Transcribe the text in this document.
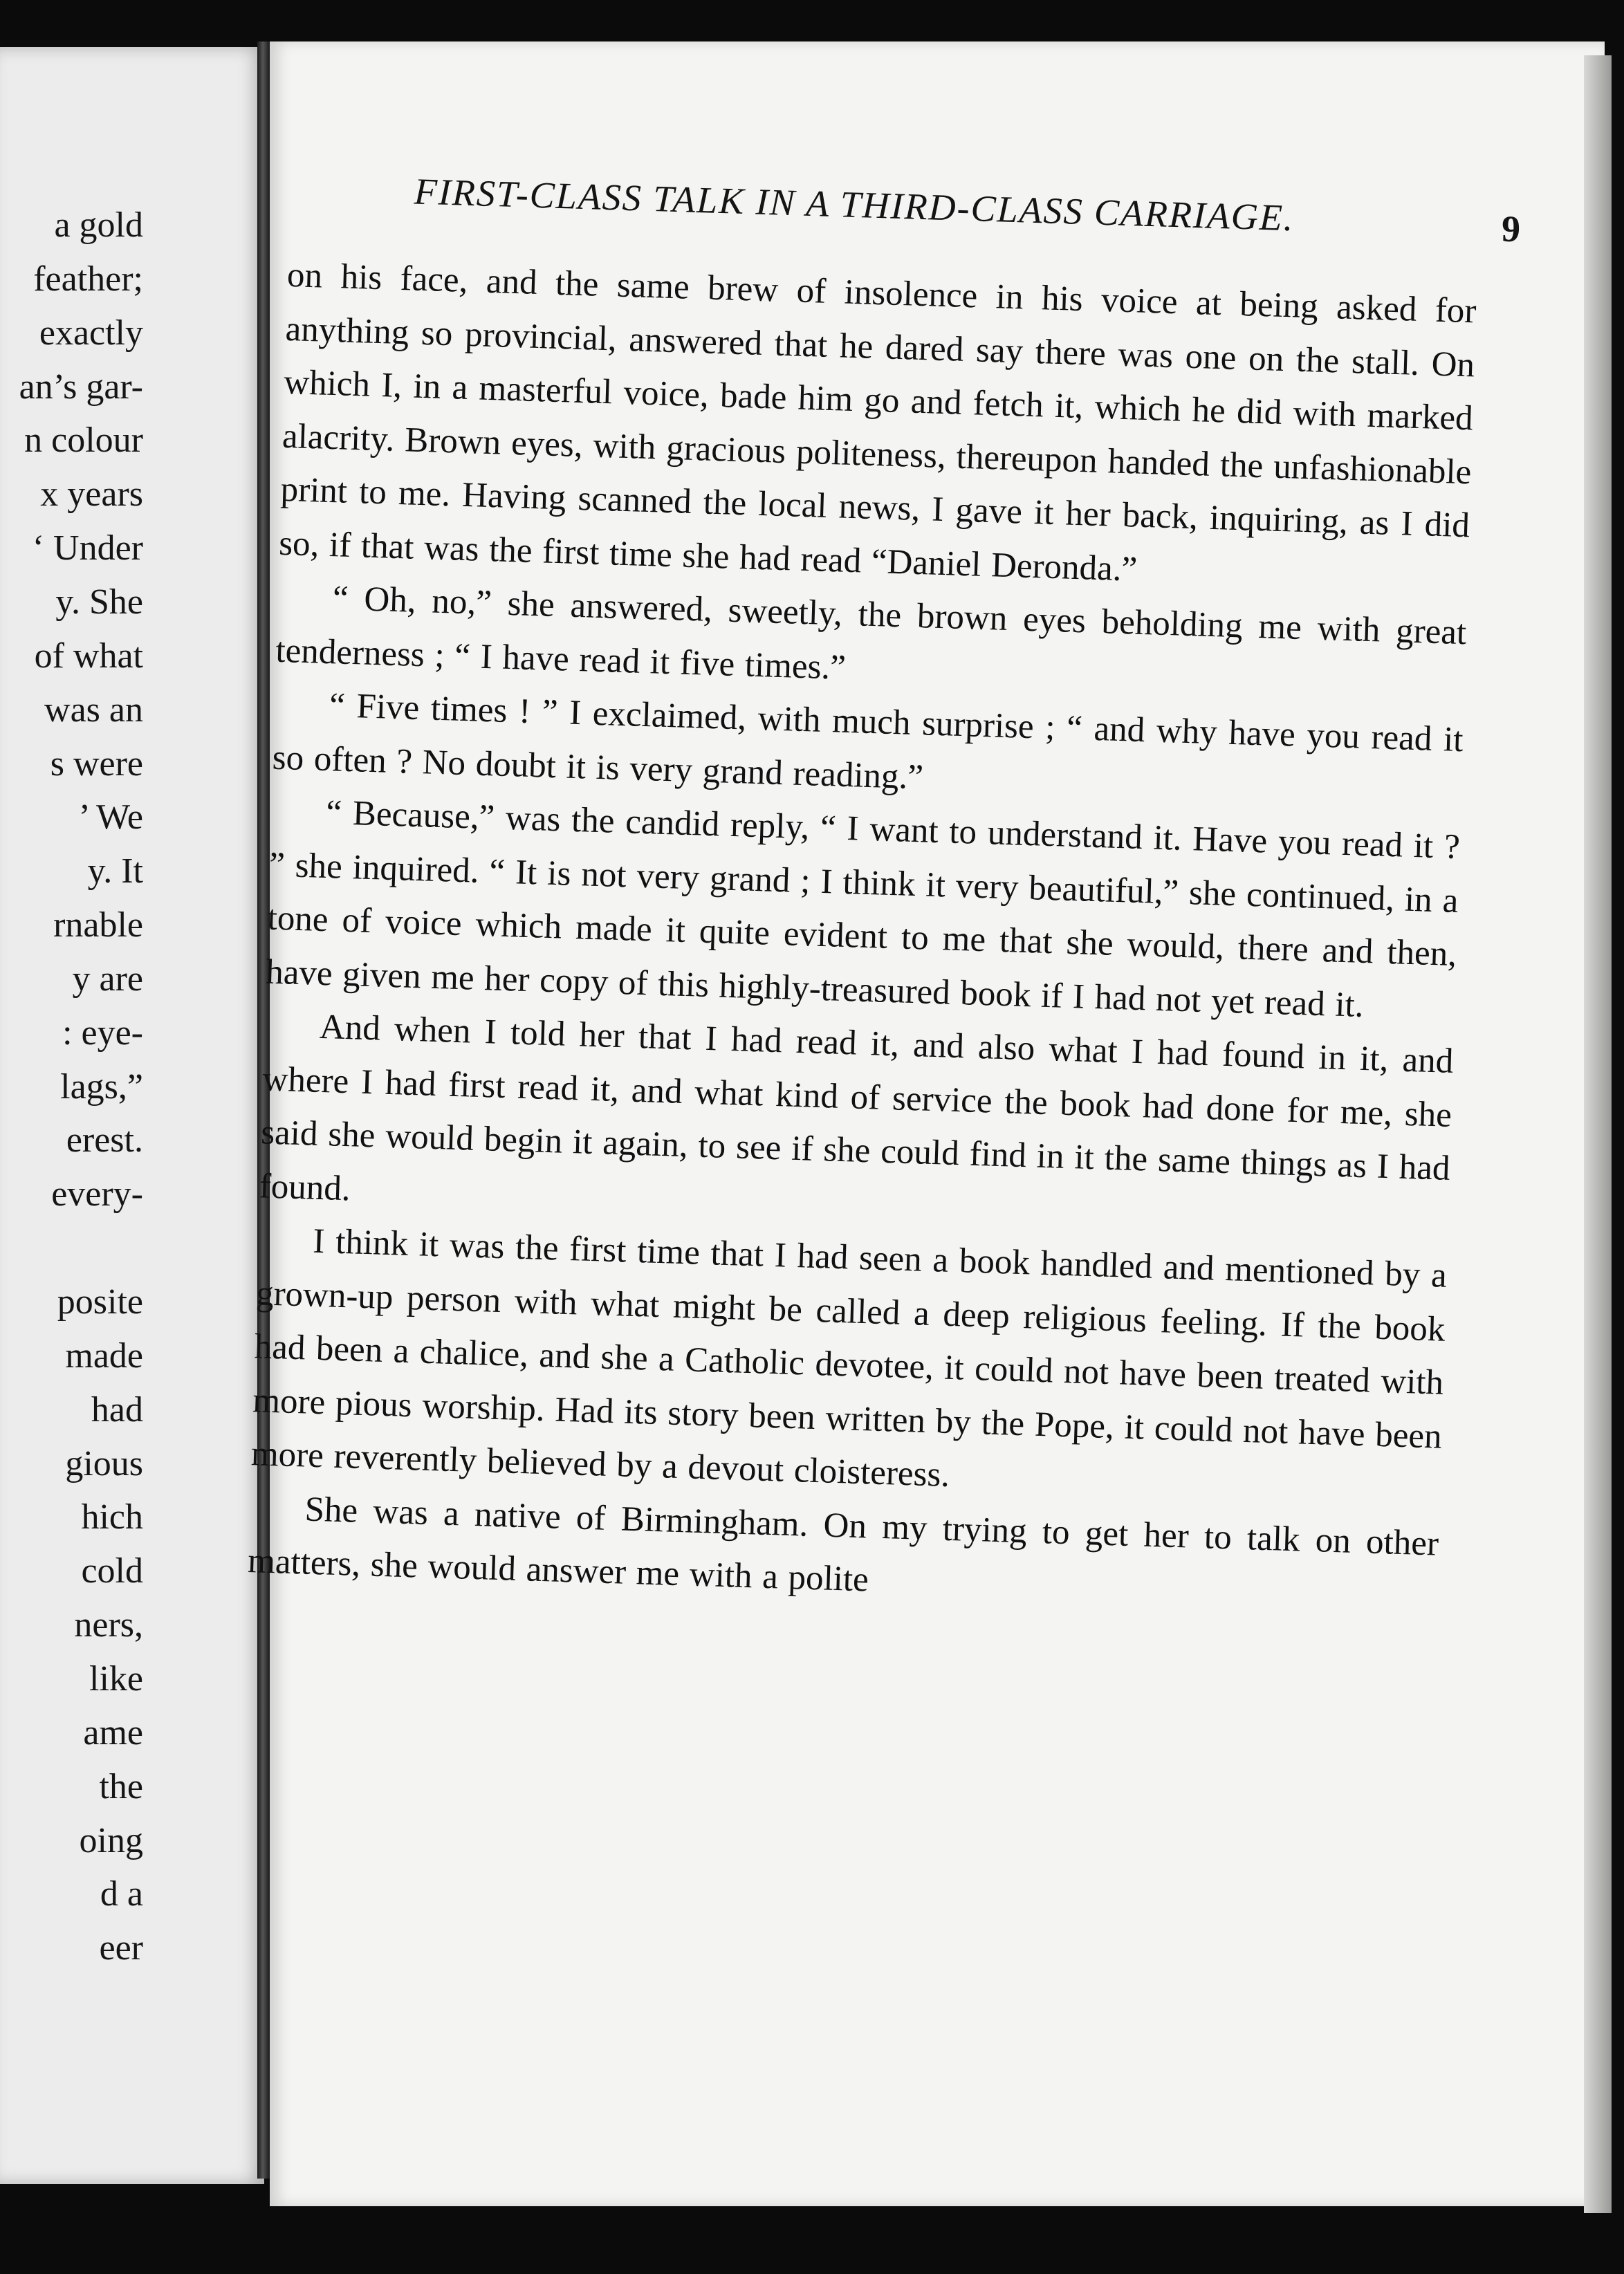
a gold
feather;
exactly
an’s gar-
n colour
x years
‘ Under
y. She
of what
was an
s were
’ We
y. It
rnable
y are
: eye-
lags,”
erest.
every-
posite
made
had
gious
hich
cold
ners,
like
ame
the
oing
d a
eer
FIRST-CLASS TALK IN A THIRD-CLASS CARRIAGE.	9

on his face, and the same brew of insolence in his voice at being asked for anything so provincial, answered that he dared say there was one on the stall. On which I, in a masterful voice, bade him go and fetch it, which he did with marked alacrity. Brown eyes, with gracious politeness, thereupon handed the unfashionable print to me. Having scanned the local news, I gave it her back, inquiring, as I did so, if that was the first time she had read “Daniel Deronda.”

“ Oh, no,” she answered, sweetly, the brown eyes beholding me with great tenderness ; “ I have read it five times.”

“ Five times ! ” I exclaimed, with much surprise ; “ and why have you read it so often ? No doubt it is very grand reading.”

“ Because,” was the candid reply, “ I want to understand it. Have you read it ? ” she inquired. “ It is not very grand ; I think it very beautiful,” she continued, in a tone of voice which made it quite evident to me that she would, there and then, have given me her copy of this highly-treasured book if I had not yet read it.

And when I told her that I had read it, and also what I had found in it, and where I had first read it, and what kind of service the book had done for me, she said she would begin it again, to see if she could find in it the same things as I had found.

I think it was the first time that I had seen a book handled and mentioned by a grown-up person with what might be called a deep religious feeling. If the book had been a chalice, and she a Catholic devotee, it could not have been treated with more pious worship. Had its story been written by the Pope, it could not have been more reverently believed by a devout cloisteress.

She was a native of Birmingham. On my trying to get her to talk on other matters, she would answer me with a polite
